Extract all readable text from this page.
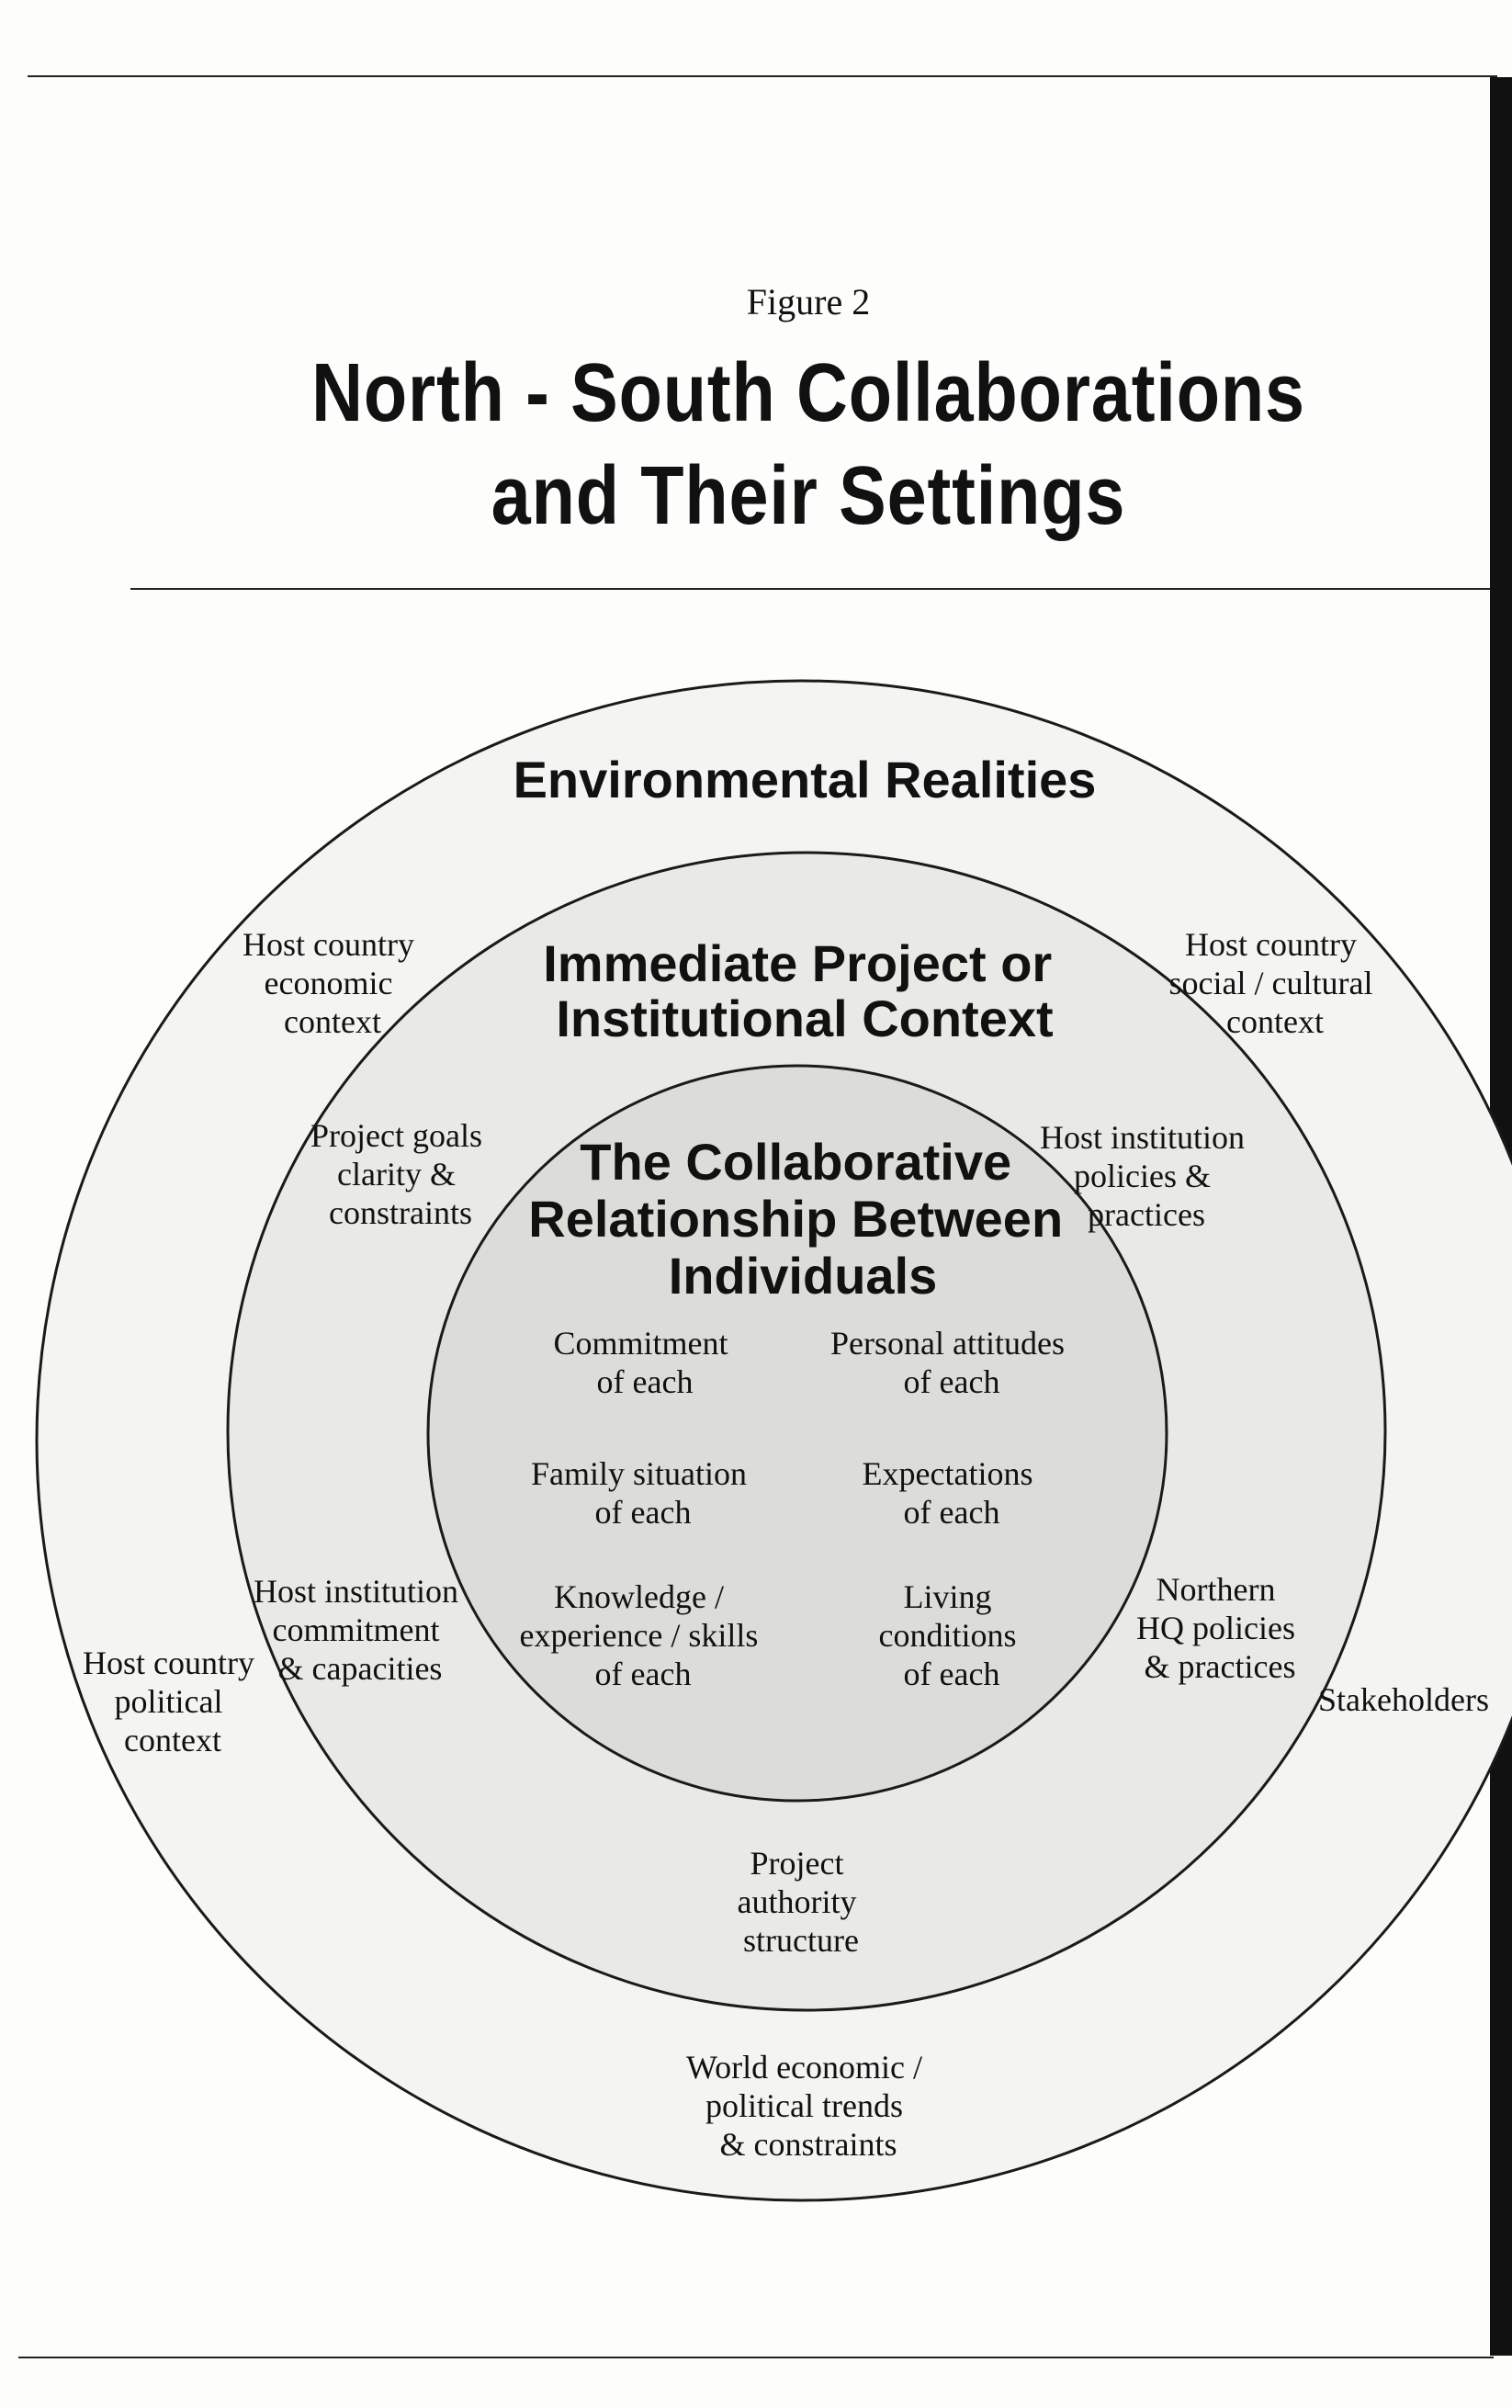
Figure 2
North - South Collaborations
and Their Settings
Environmental Realities
Immediate Project or Institutional Context
The Collaborative Relationship Between Individuals
Host country economic context
Host country social / cultural context
Host country political context
Stakeholders
World economic / political trends & constraints
Project goals clarity & constraints
Host institution policies & practices
Host institution commitment & capacities
Northern HQ policies & practices
Project authority structure
Commitment of each
Personal attitudes of each
Family situation of each
Expectations of each
Knowledge / experience / skills of each
Living conditions of each
